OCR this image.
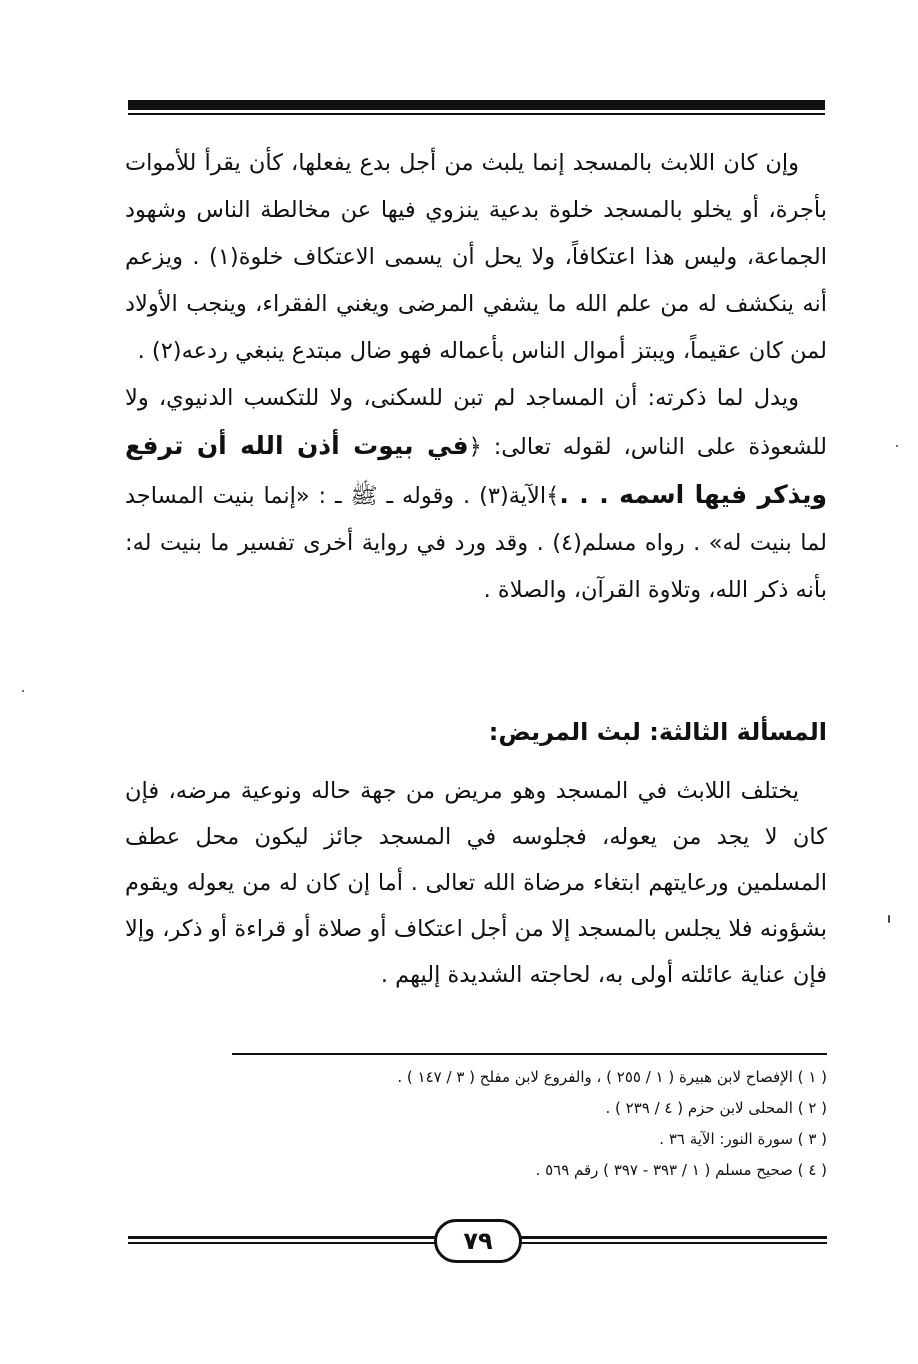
وإن كان اللابث بالمسجد إنما يلبث من أجل بدع يفعلها، كأن يقرأ للأموات بأجرة، أو يخلو بالمسجد خلوة بدعية ينزوي فيها عن مخالطة الناس وشهود الجماعة، وليس هذا اعتكافاً، ولا يحل أن يسمى الاعتكاف خلوة(١) . ويزعم أنه ينكشف له من علم الله ما يشفي المرضى ويغني الفقراء، وينجب الأولاد لمن كان عقيماً، ويبتز أموال الناس بأعماله فهو ضال مبتدع ينبغي ردعه(٢) .

ويدل لما ذكرته: أن المساجد لم تبن للسكنى، ولا للتكسب الدنيوي، ولا للشعوذة على الناس، لقوله تعالى: ﴿في بيوت أذن الله أن ترفع ويذكر فيها اسمه . . .﴾الآية(٣) . وقوله ـ ﷺ ـ : «إنما بنيت المساجد لما بنيت له» . رواه مسلم(٤) . وقد ورد في رواية أخرى تفسير ما بنيت له: بأنه ذكر الله، وتلاوة القرآن، والصلاة .

المسألة الثالثة: لبث المريض:

يختلف اللابث في المسجد وهو مريض من جهة حاله ونوعية مرضه، فإن كان لا يجد من يعوله، فجلوسه في المسجد جائز ليكون محل عطف المسلمين ورعايتهم ابتغاء مرضاة الله تعالى . أما إن كان له من يعوله ويقوم بشؤونه فلا يجلس بالمسجد إلا من أجل اعتكاف أو صلاة أو قراءة أو ذكر، وإلا فإن عناية عائلته أولى به، لحاجته الشديدة إليهم .

( ١ ) الإفصاح لابن هبيرة ( ١ / ٢٥٥ ) ، والفروع لابن مفلح ( ٣ / ١٤٧ ) .
( ٢ ) المحلى لابن حزم ( ٤ / ٢٣٩ ) .
( ٣ ) سورة النور: الآية ٣٦ .
( ٤ ) صحيح مسلم ( ١ / ٣٩٣ - ٣٩٧ ) رقم ٥٦٩ .
٧٩
